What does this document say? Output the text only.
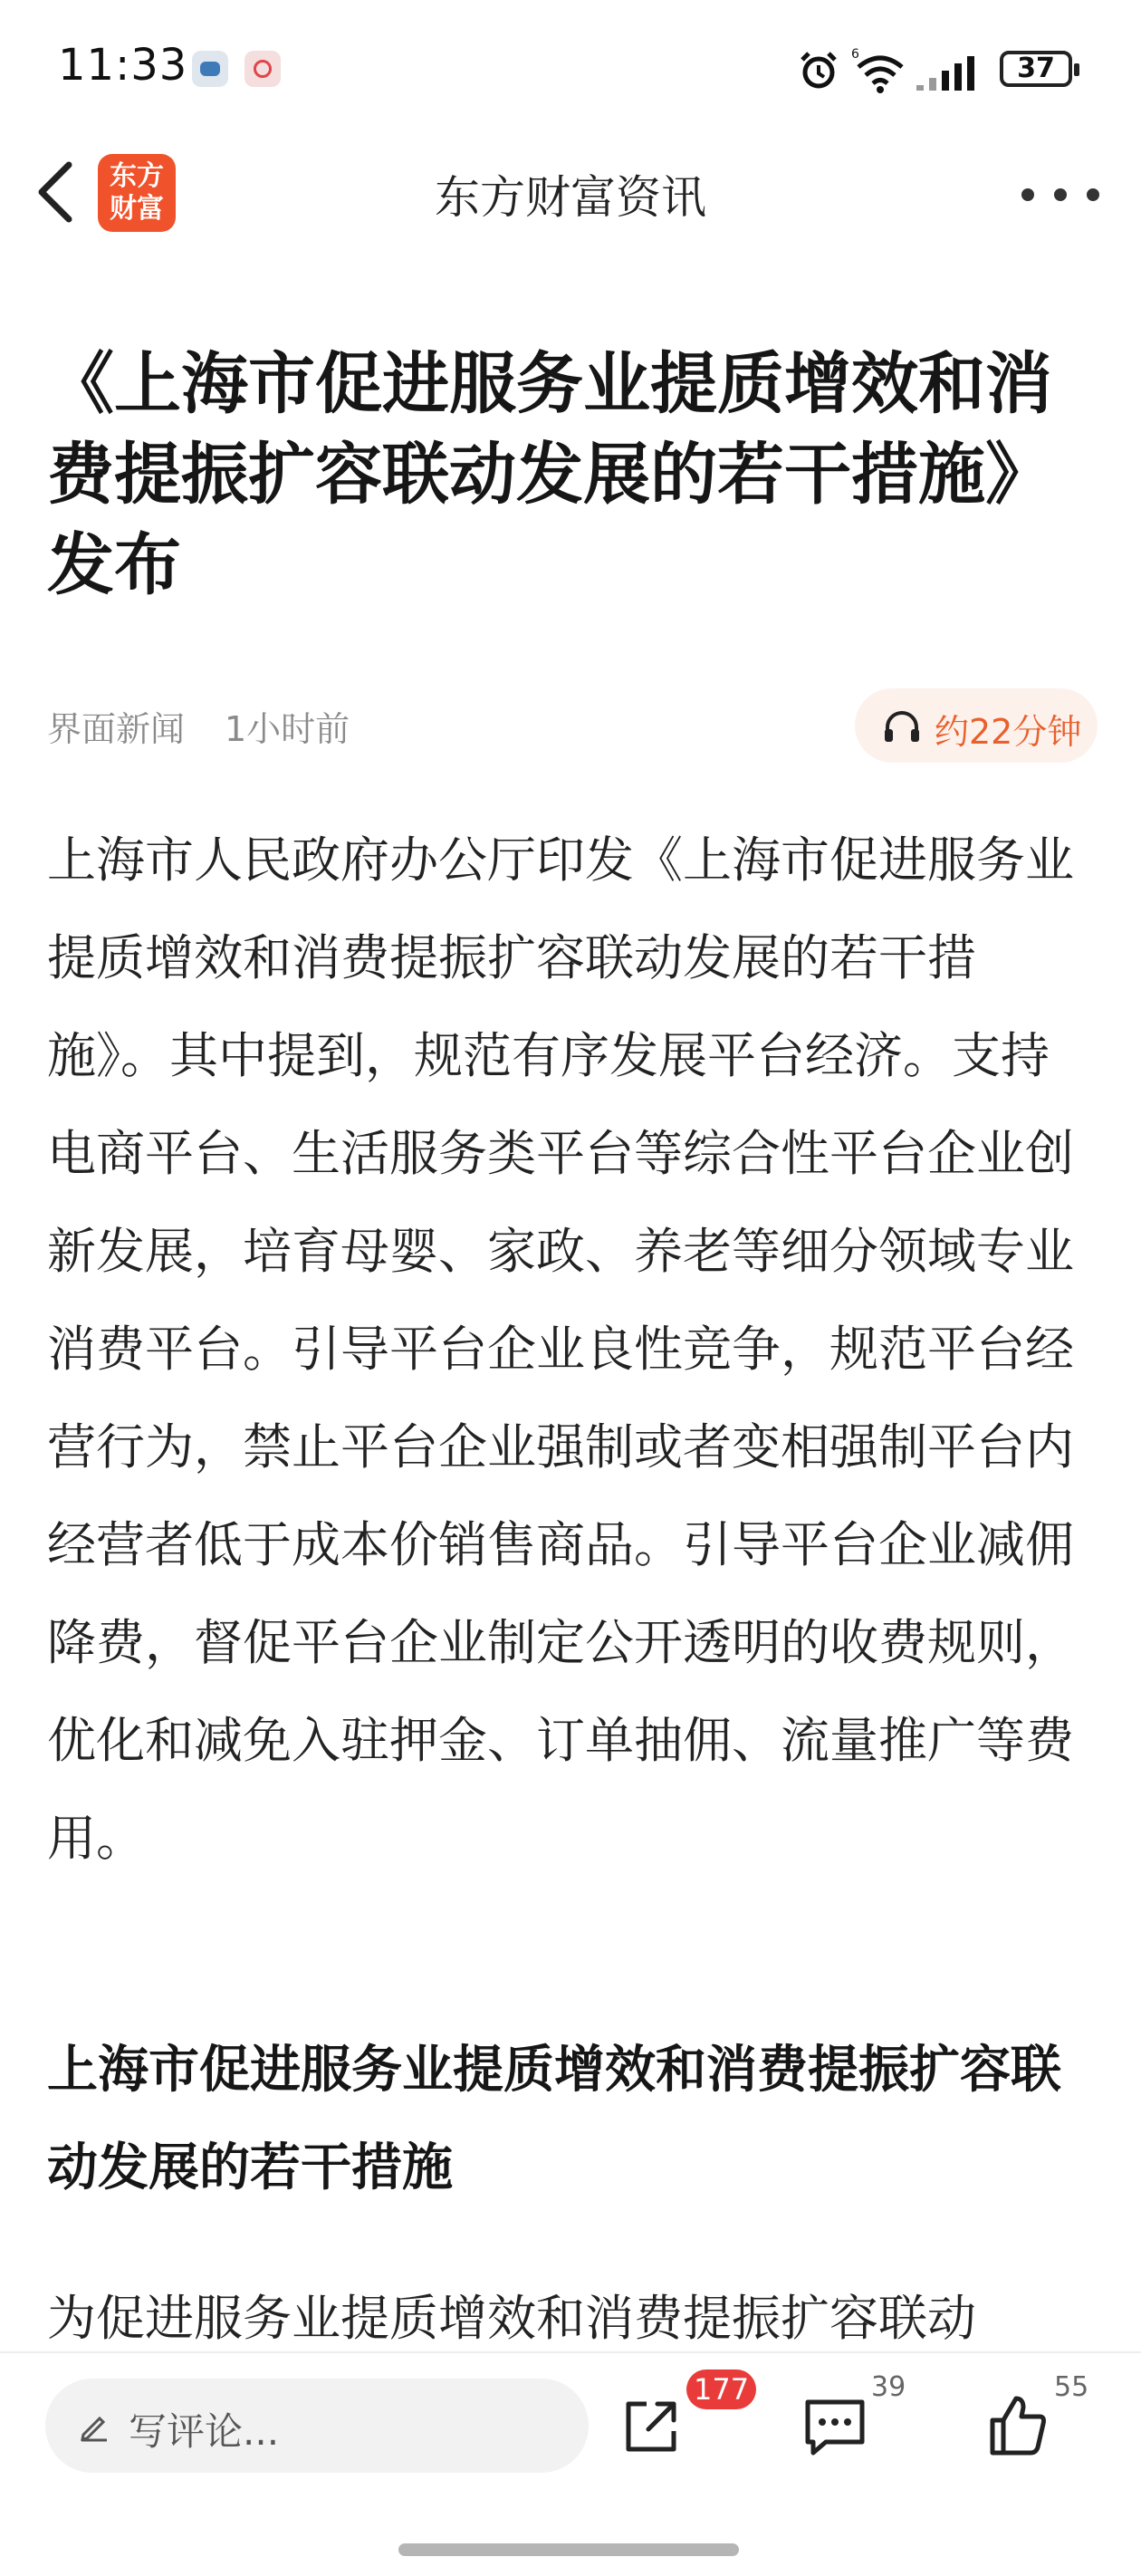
11:33	6	37
东方
财富	东方财富资讯
《上海市促进服务业提质增效和消费提振扩容联动发展的若干措施》发布
界面新闻 1小时前	约22分钟

上海市人民政府办公厅印发《上海市促进服务业提质增效和消费提振扩容联动发展的若干措施》。其中提到，规范有序发展平台经济。支持电商平台、生活服务类平台等综合性平台企业创新发展，培育母婴、家政、养老等细分领域专业消费平台。引导平台企业良性竞争，规范平台经营行为，禁止平台企业强制或者变相强制平台内经营者低于成本价销售商品。引导平台企业减佣降费，督促平台企业制定公开透明的收费规则，优化和减免入驻押金、订单抽佣、流量推广等费用。

上海市促进服务业提质增效和消费提振扩容联动发展的若干措施

为促进服务业提质增效和消费提振扩容联动

写评论...
177	39	55
